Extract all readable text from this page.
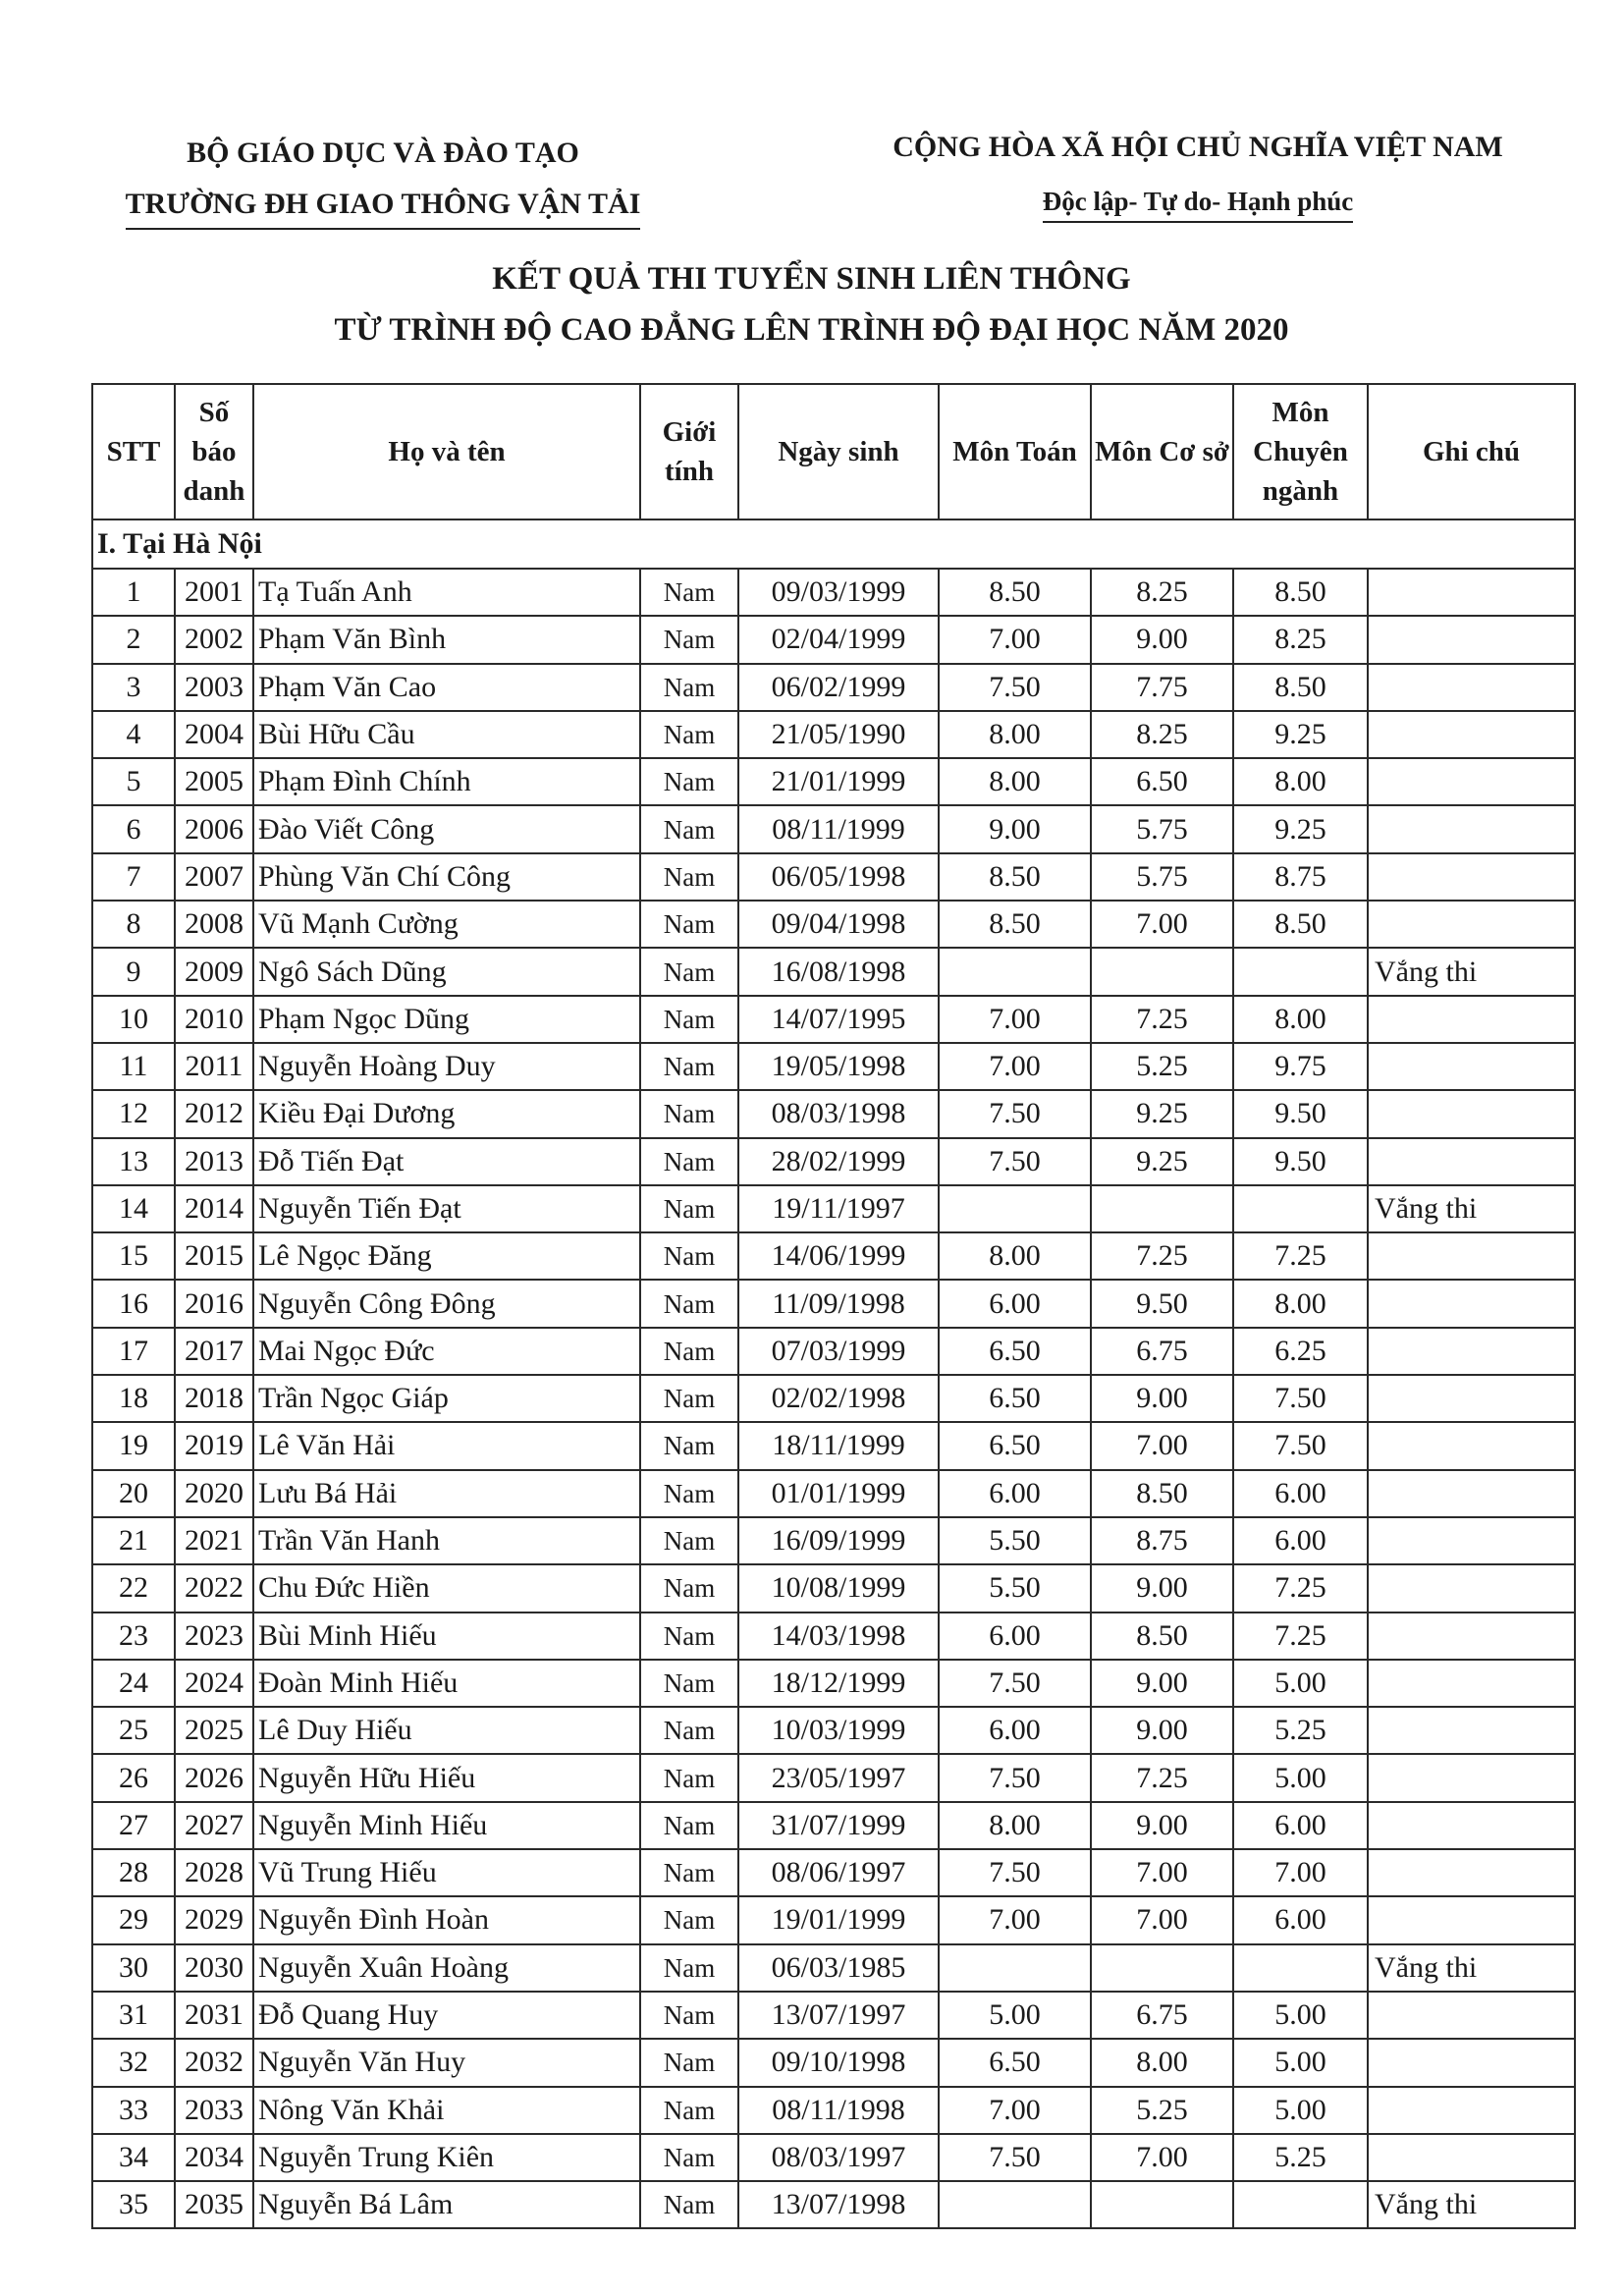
BỘ GIÁO DỤC VÀ ĐÀO TẠO
TRƯỜNG ĐH GIAO THÔNG VẬN TẢI
CỘNG HÒA XÃ HỘI CHỦ NGHĨA VIỆT NAM
Độc lập- Tự do- Hạnh phúc
KẾT QUẢ THI TUYỂN SINH LIÊN THÔNG
TỪ TRÌNH ĐỘ CAO ĐẲNG LÊN TRÌNH ĐỘ ĐẠI HỌC NĂM 2020
STT	Số báo danh	Họ và tên	Giới tính	Ngày sinh	Môn Toán	Môn Cơ sở	Môn Chuyên ngành	Ghi chú
I. Tại Hà Nội								
1	2001	Tạ Tuấn Anh	Nam	09/03/1999	8.50	8.25	8.50	
2	2002	Phạm Văn Bình	Nam	02/04/1999	7.00	9.00	8.25	
3	2003	Phạm Văn Cao	Nam	06/02/1999	7.50	7.75	8.50	
4	2004	Bùi Hữu Cầu	Nam	21/05/1990	8.00	8.25	9.25	
5	2005	Phạm Đình Chính	Nam	21/01/1999	8.00	6.50	8.00	
6	2006	Đào Viết Công	Nam	08/11/1999	9.00	5.75	9.25	
7	2007	Phùng Văn Chí Công	Nam	06/05/1998	8.50	5.75	8.75	
8	2008	Vũ Mạnh Cường	Nam	09/04/1998	8.50	7.00	8.50	
9	2009	Ngô Sách Dũng	Nam	16/08/1998				Vắng thi
10	2010	Phạm Ngọc Dũng	Nam	14/07/1995	7.00	7.25	8.00	
11	2011	Nguyễn Hoàng Duy	Nam	19/05/1998	7.00	5.25	9.75	
12	2012	Kiều Đại Dương	Nam	08/03/1998	7.50	9.25	9.50	
13	2013	Đỗ Tiến Đạt	Nam	28/02/1999	7.50	9.25	9.50	
14	2014	Nguyễn Tiến Đạt	Nam	19/11/1997				Vắng thi
15	2015	Lê Ngọc Đăng	Nam	14/06/1999	8.00	7.25	7.25	
16	2016	Nguyễn Công Đông	Nam	11/09/1998	6.00	9.50	8.00	
17	2017	Mai Ngọc Đức	Nam	07/03/1999	6.50	6.75	6.25	
18	2018	Trần Ngọc Giáp	Nam	02/02/1998	6.50	9.00	7.50	
19	2019	Lê Văn Hải	Nam	18/11/1999	6.50	7.00	7.50	
20	2020	Lưu Bá Hải	Nam	01/01/1999	6.00	8.50	6.00	
21	2021	Trần Văn Hanh	Nam	16/09/1999	5.50	8.75	6.00	
22	2022	Chu Đức Hiền	Nam	10/08/1999	5.50	9.00	7.25	
23	2023	Bùi Minh Hiếu	Nam	14/03/1998	6.00	8.50	7.25	
24	2024	Đoàn Minh Hiếu	Nam	18/12/1999	7.50	9.00	5.00	
25	2025	Lê Duy Hiếu	Nam	10/03/1999	6.00	9.00	5.25	
26	2026	Nguyễn Hữu Hiếu	Nam	23/05/1997	7.50	7.25	5.00	
27	2027	Nguyễn Minh Hiếu	Nam	31/07/1999	8.00	9.00	6.00	
28	2028	Vũ Trung Hiếu	Nam	08/06/1997	7.50	7.00	7.00	
29	2029	Nguyễn Đình Hoàn	Nam	19/01/1999	7.00	7.00	6.00	
30	2030	Nguyễn Xuân Hoàng	Nam	06/03/1985				Vắng thi
31	2031	Đỗ Quang Huy	Nam	13/07/1997	5.00	6.75	5.00	
32	2032	Nguyễn Văn Huy	Nam	09/10/1998	6.50	8.00	5.00	
33	2033	Nông Văn Khải	Nam	08/11/1998	7.00	5.25	5.00	
34	2034	Nguyễn Trung Kiên	Nam	08/03/1997	7.50	7.00	5.25	
35	2035	Nguyễn Bá Lâm	Nam	13/07/1998				Vắng thi
